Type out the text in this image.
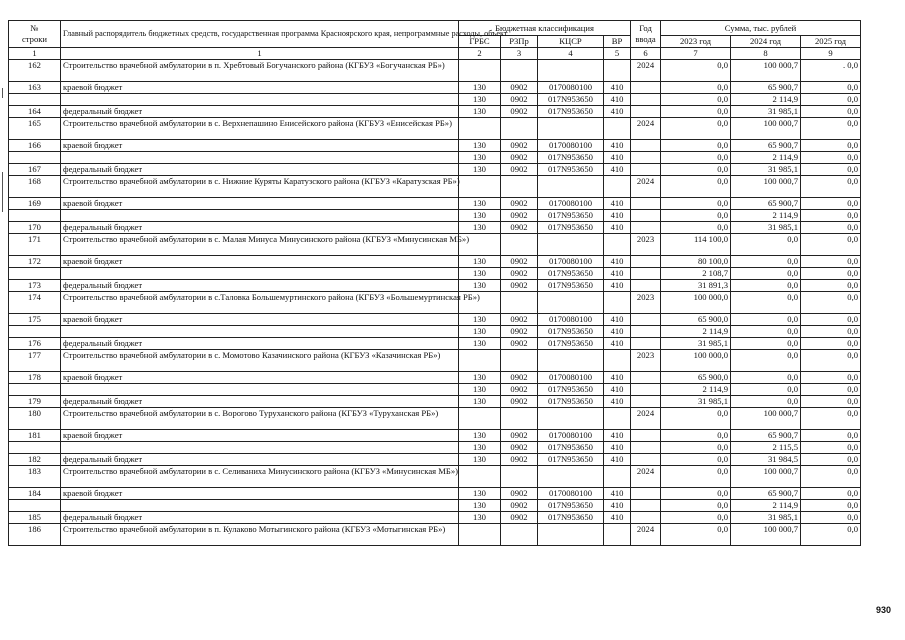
№
строки	Главный распорядитель бюджетных средств, государственная программа Красноярского края, непрограммные расходы, объект	Бюджетная классификация				Год
ввода	Сумма, тыс. рублей		
		ГРБС	Р3Пр	КЦСР	ВР		2023 год	2024 год	2025 год
1	1	2	3	4	5	6	7	8	9
162	Строительство врачебной амбулатории в п. Хребтовый Богучанского района (КГБУЗ «Богучанская РБ»)					2024	0,0	100 000,7	. 0,0
163	краевой бюджет	130	0902	0170080100	410		0,0	65 900,7	0,0
		130	0902	017N953650	410		0,0	2 114,9	0,0
164	федеральный бюджет	130	0902	017N953650	410		0,0	31 985,1	0,0
165	Строительство врачебной амбулатории в с. Верхнепашино Енисейского района (КГБУЗ «Енисейская РБ»)					2024	0,0	100 000,7	0,0
166	краевой бюджет	130	0902	0170080100	410		0,0	65 900,7	0,0
		130	0902	017N953650	410		0,0	2 114,9	0,0
167	федеральный бюджет	130	0902	017N953650	410		0,0	31 985,1	0,0
168	Строительство врачебной амбулатории в с. Нижние Куряты Каратузского района (КГБУЗ «Каратузская РБ»)					2024	0,0	100 000,7	0,0
169	краевой бюджет	130	0902	0170080100	410		0,0	65 900,7	0,0
		130	0902	017N953650	410		0,0	2 114,9	0,0
170	федеральный бюджет	130	0902	017N953650	410		0,0	31 985,1	0,0
171	Строительство врачебной амбулатории в с. Малая Минуса Минусинского района (КГБУЗ «Минусинская МБ»)					2023	114 100,0	0,0	0,0
172	краевой бюджет	130	0902	0170080100	410		80 100,0	0,0	0,0
		130	0902	017N953650	410		2 108,7	0,0	0,0
173	федеральный бюджет	130	0902	017N953650	410		31 891,3	0,0	0,0
174	Строительство врачебной амбулатории в с.Таловка Большемуртинского района (КГБУЗ «Большемуртинская РБ»)					2023	100 000,0	0,0	0,0
175	краевой бюджет	130	0902	0170080100	410		65 900,0	0,0	0,0
		130	0902	017N953650	410		2 114,9	0,0	0,0
176	федеральный бюджет	130	0902	017N953650	410		31 985,1	0,0	0,0
177	Строительство врачебной амбулатории в с. Момотово Казачинского района (КГБУЗ «Казачинская РБ»)					2023	100 000,0	0,0	0,0
178	краевой бюджет	130	0902	0170080100	410		65 900,0	0,0	0,0
		130	0902	017N953650	410		2 114,9	0,0	0,0
179	федеральный бюджет	130	0902	017N953650	410		31 985,1	0,0	0,0
180	Строительство врачебной амбулатории в с. Ворогово Туруханского района (КГБУЗ «Туруханская РБ»)					2024	0,0	100 000,7	0,0
181	краевой бюджет	130	0902	0170080100	410		0,0	65 900,7	0,0
		130	0902	017N953650	410		0,0	2 115,5	0,0
182	федеральный бюджет	130	0902	017N953650	410		0,0	31 984,5	0,0
183	Строительство врачебной амбулатории в с. Селиваниха Минусинского района (КГБУЗ «Минусинская МБ»)					2024	0,0	100 000,7	0,0
184	краевой бюджет	130	0902	0170080100	410		0,0	65 900,7	0,0
		130	0902	017N953650	410		0,0	2 114,9	0,0
185	федеральный бюджет	130	0902	017N953650	410		0,0	31 985,1	0,0
186	Строительство врачебной амбулатории в п. Кулаково Мотыгинского района (КГБУЗ «Мотыгинская РБ»)					2024	0,0	100 000,7	0,0
930
